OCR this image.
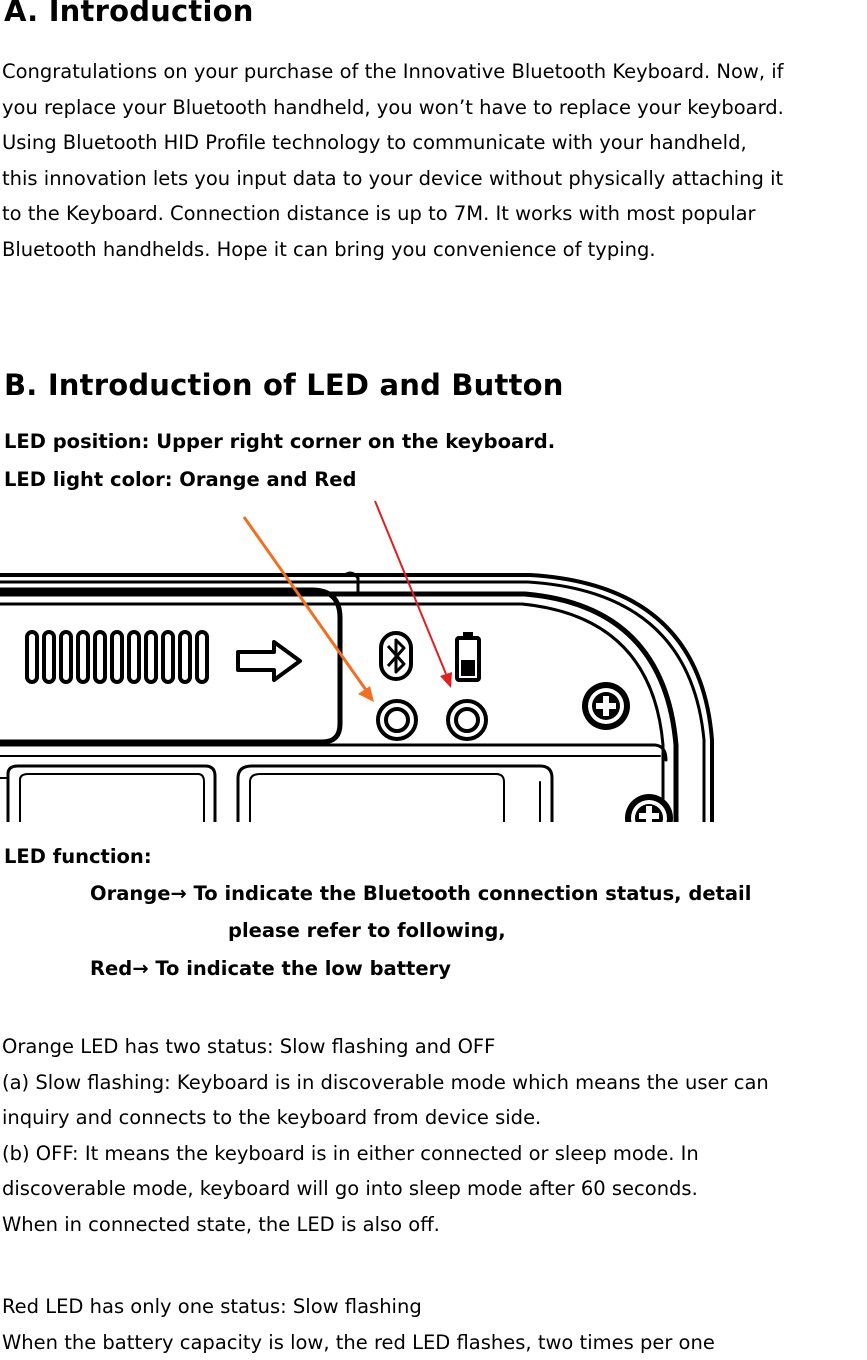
A. Introduction

Congratulations on your purchase of the Innovative Bluetooth Keyboard. Now, if
you replace your Bluetooth handheld, you won’t have to replace your keyboard.
Using Bluetooth HID Profile technology to communicate with your handheld,
this innovation lets you input data to your device without physically attaching it
to the Keyboard. Connection distance is up to 7M. It works with most popular
Bluetooth handhelds. Hope it can bring you convenience of typing.

B. Introduction of LED and Button
LED position: Upper right corner on the keyboard.
LED light color: Orange and Red
LED function:
Orange→ To indicate the Bluetooth connection status, detail
please refer to following,
Red→ To indicate the low battery

Orange LED has two status: Slow flashing and OFF
(a) Slow flashing: Keyboard is in discoverable mode which means the user can
inquiry and connects to the keyboard from device side.
(b) OFF: It means the keyboard is in either connected or sleep mode. In
discoverable mode, keyboard will go into sleep mode after 60 seconds.
When in connected state, the LED is also off.

Red LED has only one status: Slow flashing
When the battery capacity is low, the red LED flashes, two times per one
